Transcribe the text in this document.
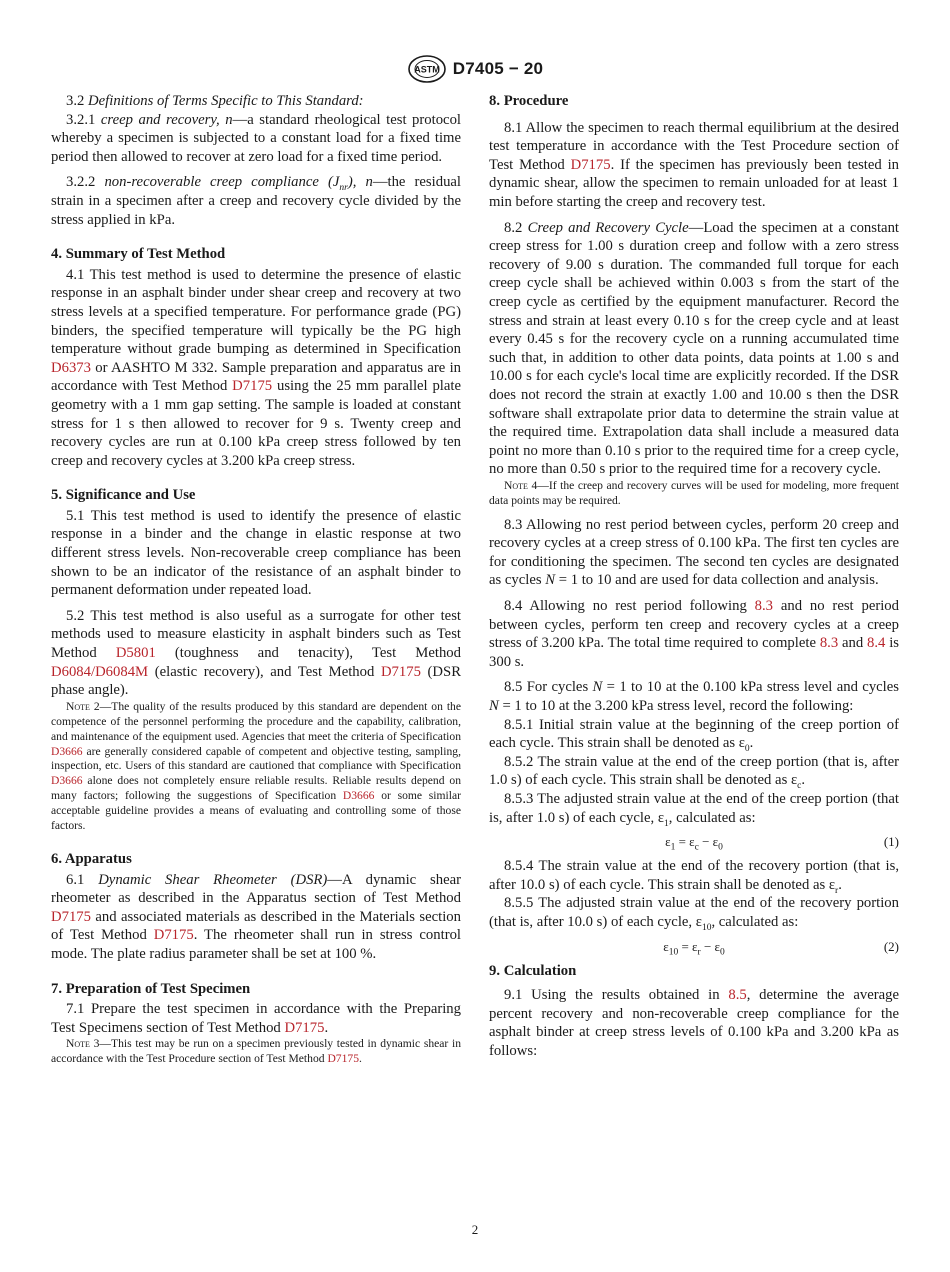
ASTM D7405 − 20

3.2 Definitions of Terms Specific to This Standard:

3.2.1 creep and recovery, n—a standard rheological test protocol whereby a specimen is subjected to a constant load for a fixed time period then allowed to recover at zero load for a fixed time period.

3.2.2 non-recoverable creep compliance $(J_{nr})$, n—the residual strain in a specimen after a creep and recovery cycle divided by the stress applied in kPa.

4. Summary of Test Method

4.1 This test method is used to determine the presence of elastic response in an asphalt binder under shear creep and recovery at two stress levels at a specified temperature. For performance grade (PG) binders, the specified temperature will typically be the PG high temperature without grade bumping as determined in Specification D6373 or AASHTO M 332. Sample preparation and apparatus are in accordance with Test Method D7175 using the 25 mm parallel plate geometry with a 1 mm gap setting. The sample is loaded at constant stress for 1 s then allowed to recover for 9 s. Twenty creep and recovery cycles are run at 0.100 kPa creep stress followed by ten creep and recovery cycles at 3.200 kPa creep stress.

5. Significance and Use

5.1 This test method is used to identify the presence of elastic response in a binder and the change in elastic response at two different stress levels. Non-recoverable creep compliance has been shown to be an indicator of the resistance of an asphalt binder to permanent deformation under repeated load.

5.2 This test method is also useful as a surrogate for other test methods used to measure elasticity in asphalt binders such as Test Method D5801 (toughness and tenacity), Test Method D6084/D6084M (elastic recovery), and Test Method D7175 (DSR phase angle).

Note 2—The quality of the results produced by this standard are dependent on the competence of the personnel performing the procedure and the capability, calibration, and maintenance of the equipment used. Agencies that meet the criteria of Specification D3666 are generally considered capable of competent and objective testing, sampling, inspection, etc. Users of this standard are cautioned that compliance with Specification D3666 alone does not completely ensure reliable results. Reliable results depend on many factors; following the suggestions of Specification D3666 or some similar acceptable guideline provides a means of evaluating and controlling some of those factors.

6. Apparatus

6.1 Dynamic Shear Rheometer (DSR)—A dynamic shear rheometer as described in the Apparatus section of Test Method D7175 and associated materials as described in the Materials section of Test Method D7175. The rheometer shall run in stress control mode. The plate radius parameter shall be set at 100 %.

7. Preparation of Test Specimen

7.1 Prepare the test specimen in accordance with the Preparing Test Specimens section of Test Method D7175.

Note 3—This test may be run on a specimen previously tested in dynamic shear in accordance with the Test Procedure section of Test Method D7175.

8. Procedure

8.1 Allow the specimen to reach thermal equilibrium at the desired test temperature in accordance with the Test Procedure section of Test Method D7175. If the specimen has previously been tested in dynamic shear, allow the specimen to remain unloaded for at least 1 min before starting the creep and recovery test.

8.2 Creep and Recovery Cycle—Load the specimen at a constant creep stress for 1.00 s duration creep and follow with a zero stress recovery of 9.00 s duration. The commanded full torque for each creep cycle shall be achieved within 0.003 s from the start of the creep cycle as certified by the equipment manufacturer. Record the stress and strain at least every 0.10 s for the creep cycle and at least every 0.45 s for the recovery cycle on a running accumulated time such that, in addition to other data points, data points at 1.00 s and 10.00 s for each cycle's local time are explicitly recorded. If the DSR does not record the strain at exactly 1.00 and 10.00 s then the DSR software shall extrapolate prior data to determine the strain value at the required time. Extrapolation data shall include a measured data point no more than 0.10 s prior to the required time for a creep cycle, no more than 0.50 s prior to the required time for a recovery cycle.

Note 4—If the creep and recovery curves will be used for modeling, more frequent data points may be required.

8.3 Allowing no rest period between cycles, perform 20 creep and recovery cycles at a creep stress of 0.100 kPa. The first ten cycles are for conditioning the specimen. The second ten cycles are designated as cycles N = 1 to 10 and are used for data collection and analysis.

8.4 Allowing no rest period following 8.3 and no rest period between cycles, perform ten creep and recovery cycles at a creep stress of 3.200 kPa. The total time required to complete 8.3 and 8.4 is 300 s.

8.5 For cycles N = 1 to 10 at the 0.100 kPa stress level and cycles N = 1 to 10 at the 3.200 kPa stress level, record the following:

8.5.1 Initial strain value at the beginning of the creep portion of each cycle. This strain shall be denoted as $\varepsilon_0$.

8.5.2 The strain value at the end of the creep portion (that is, after 1.0 s) of each cycle. This strain shall be denoted as $\varepsilon_c$.

8.5.3 The adjusted strain value at the end of the creep portion (that is, after 1.0 s) of each cycle, $\varepsilon_1$, calculated as:

$\varepsilon_1 = \varepsilon_c - \varepsilon_0$	(1)

8.5.4 The strain value at the end of the recovery portion (that is, after 10.0 s) of each cycle. This strain shall be denoted as $\varepsilon_r$.

8.5.5 The adjusted strain value at the end of the recovery portion (that is, after 10.0 s) of each cycle, $\varepsilon_{10}$, calculated as:

$\varepsilon_{10} = \varepsilon_r - \varepsilon_0$	(2)
9. Calculation

9.1 Using the results obtained in 8.5, determine the average percent recovery and non-recoverable creep compliance for the asphalt binder at creep stress levels of 0.100 kPa and 3.200 kPa as follows:

2
